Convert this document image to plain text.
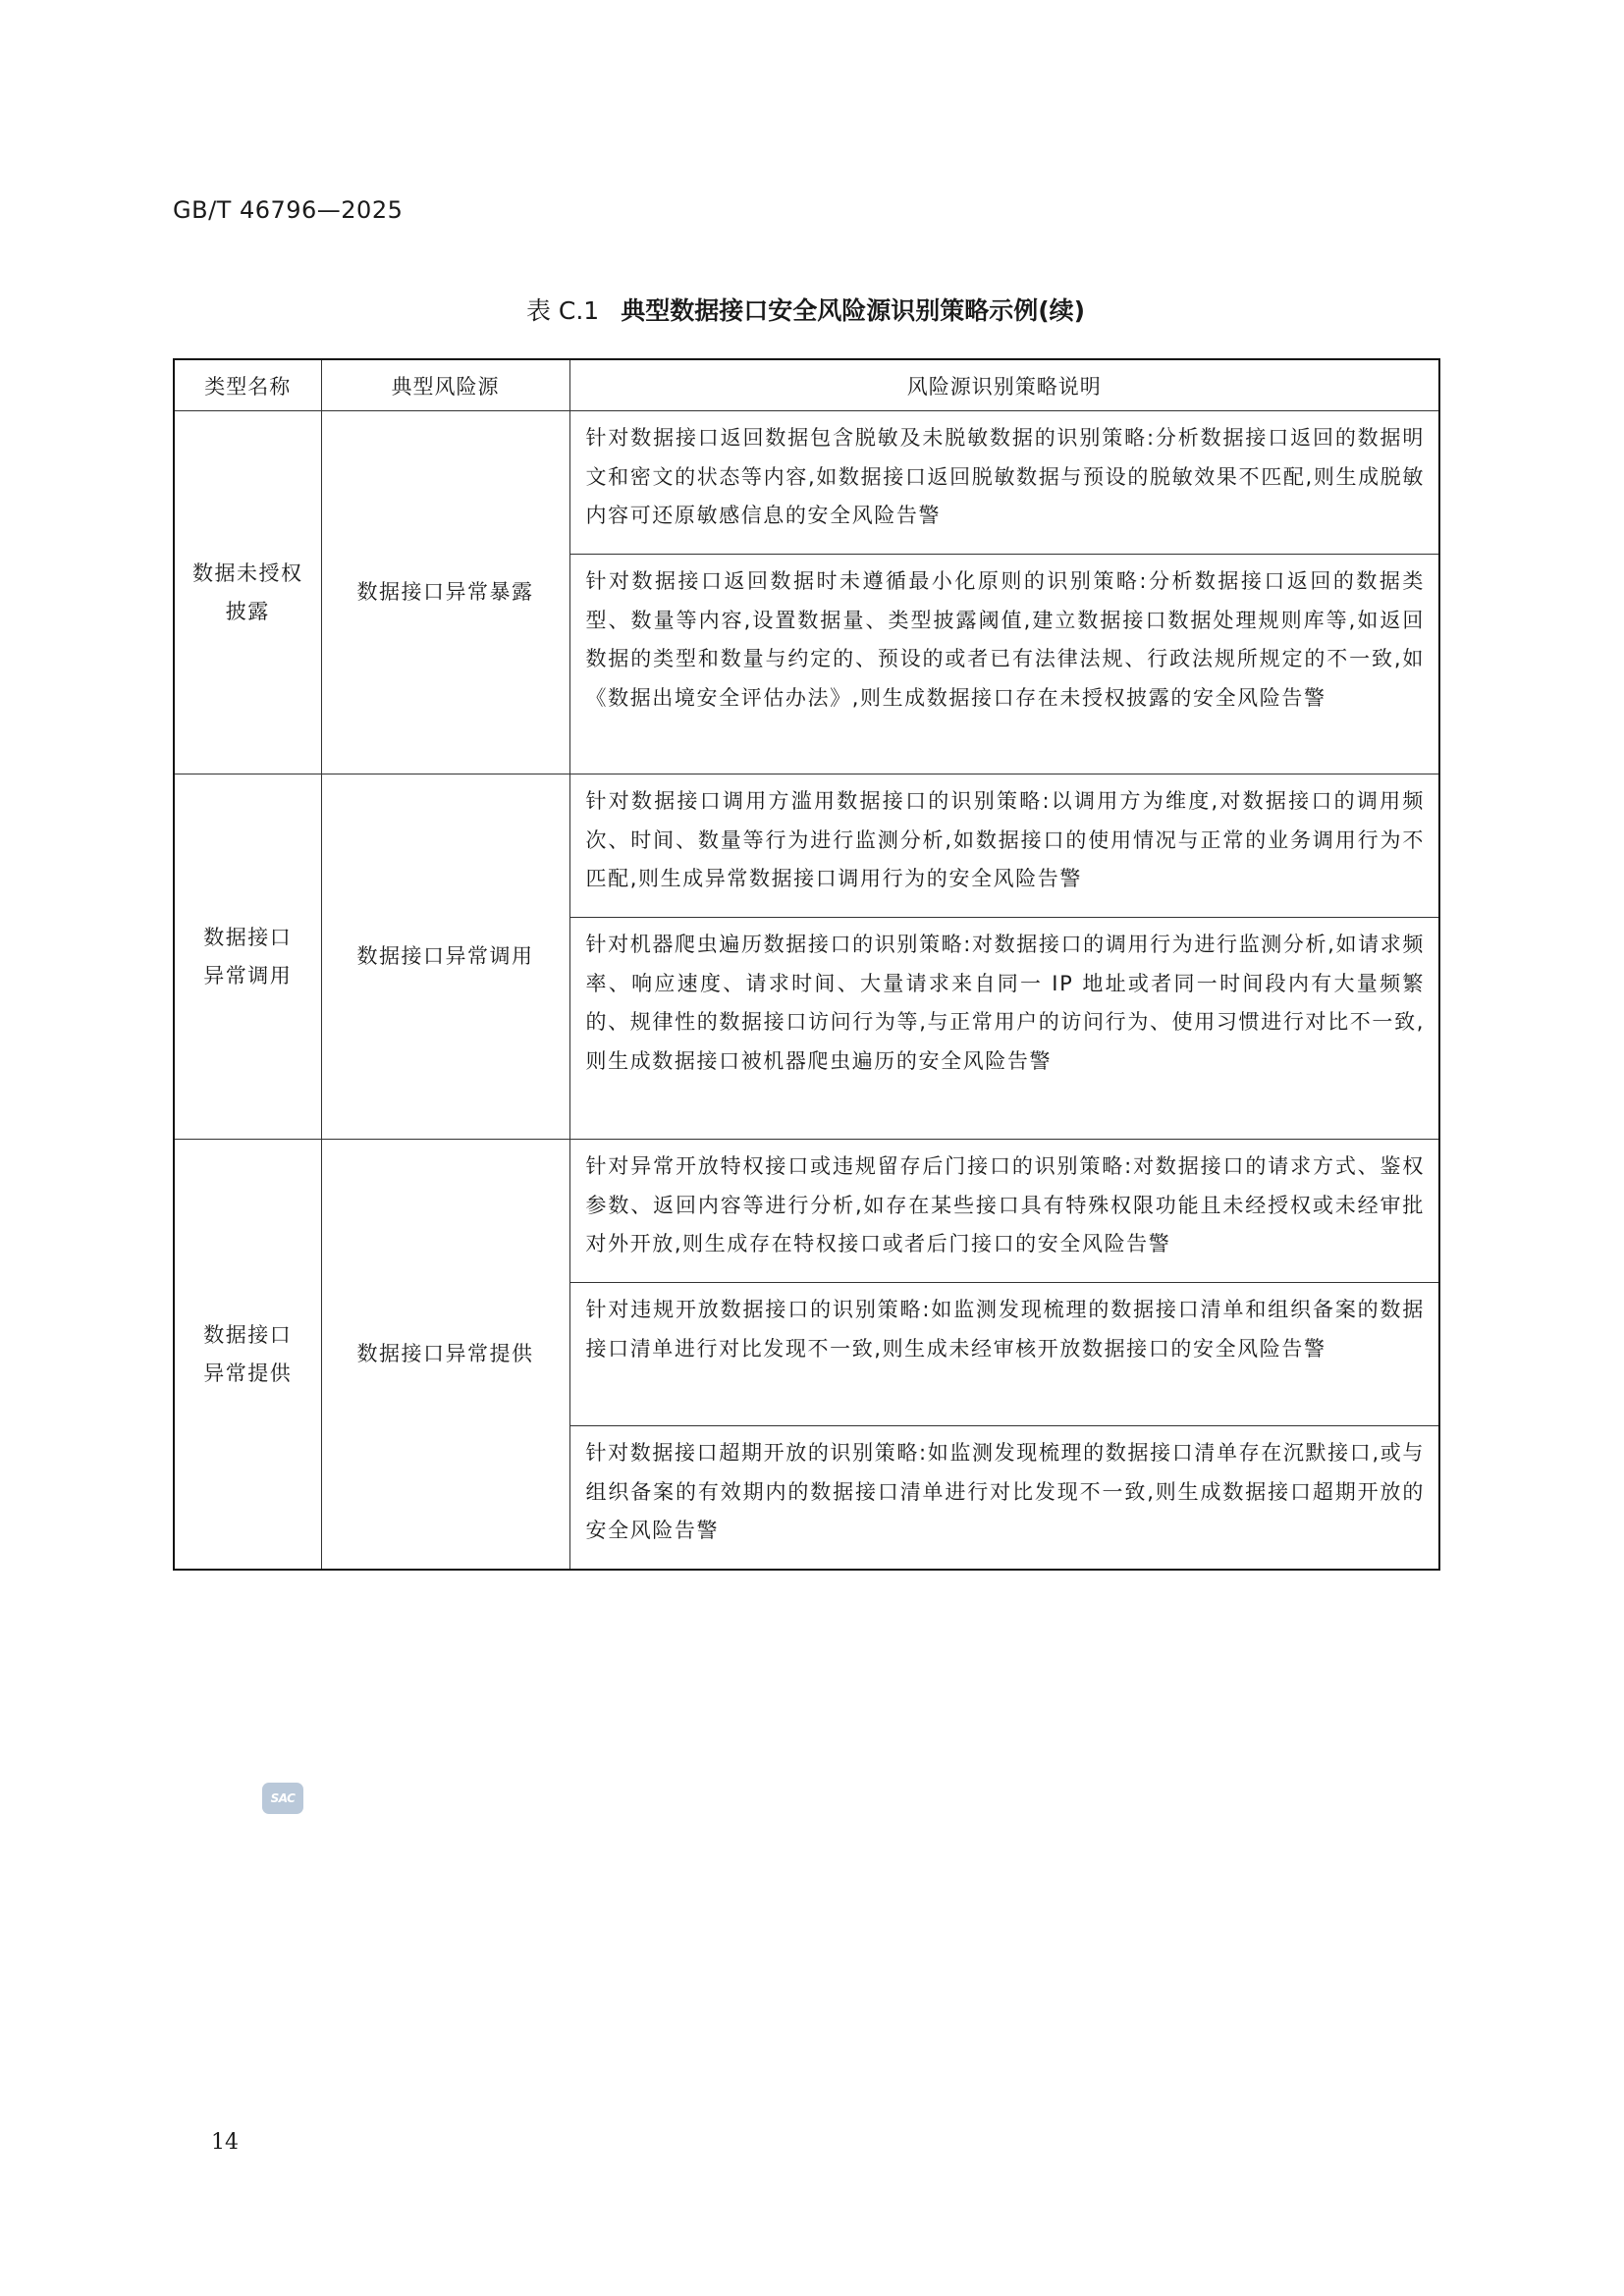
GB/T 46796—2025
表 C.1 典型数据接口安全风险源识别策略示例(续)
类型名称	典型风险源	风险源识别策略说明
数据未授权
披露	数据接口异常暴露	针对数据接口返回数据包含脱敏及未脱敏数据的识别策略:分析数据接口返回的数据明文和密文的状态等内容,如数据接口返回脱敏数据与预设的脱敏效果不匹配,则生成脱敏内容可还原敏感信息的安全风险告警
		针对数据接口返回数据时未遵循最小化原则的识别策略:分析数据接口返回的数据类型、数量等内容,设置数据量、类型披露阈值,建立数据接口数据处理规则库等,如返回数据的类型和数量与约定的、预设的或者已有法律法规、行政法规所规定的不一致,如《数据出境安全评估办法》,则生成数据接口存在未授权披露的安全风险告警
数据接口
异常调用	数据接口异常调用	针对数据接口调用方滥用数据接口的识别策略:以调用方为维度,对数据接口的调用频次、时间、数量等行为进行监测分析,如数据接口的使用情况与正常的业务调用行为不匹配,则生成异常数据接口调用行为的安全风险告警
		针对机器爬虫遍历数据接口的识别策略:对数据接口的调用行为进行监测分析,如请求频率、响应速度、请求时间、大量请求来自同一 IP 地址或者同一时间段内有大量频繁的、规律性的数据接口访问行为等,与正常用户的访问行为、使用习惯进行对比不一致,则生成数据接口被机器爬虫遍历的安全风险告警
数据接口
异常提供	数据接口异常提供	针对异常开放特权接口或违规留存后门接口的识别策略:对数据接口的请求方式、鉴权参数、返回内容等进行分析,如存在某些接口具有特殊权限功能且未经授权或未经审批对外开放,则生成存在特权接口或者后门接口的安全风险告警
		针对违规开放数据接口的识别策略:如监测发现梳理的数据接口清单和组织备案的数据接口清单进行对比发现不一致,则生成未经审核开放数据接口的安全风险告警
		针对数据接口超期开放的识别策略:如监测发现梳理的数据接口清单存在沉默接口,或与组织备案的有效期内的数据接口清单进行对比发现不一致,则生成数据接口超期开放的安全风险告警
SAC
14
